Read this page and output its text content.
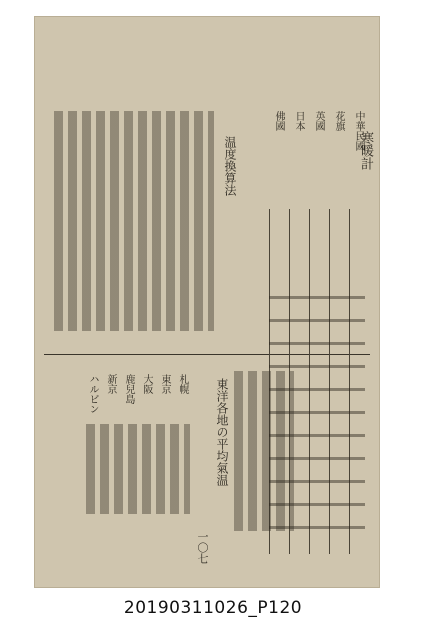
寒暖計
中華民國
花旗
英國
日本
佛國
温度換算法
東洋各地の平均氣温
札幌
東京
大阪
鹿兒島
新京
ハルビン
一〇七
20190311026_P120
